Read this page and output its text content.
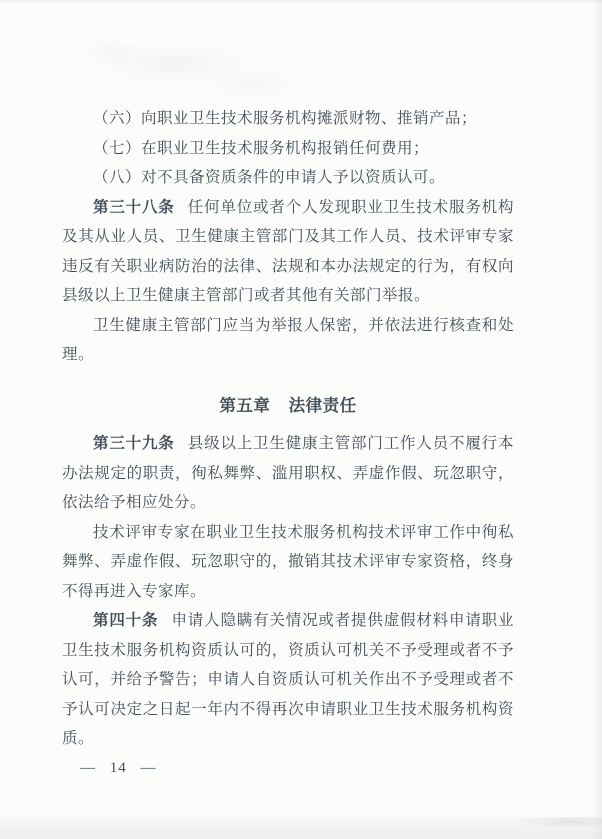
（六）向职业卫生技术服务机构摊派财物、推销产品；

（七）在职业卫生技术服务机构报销任何费用；

（八）对不具备资质条件的申请人予以资质认可。

第三十八条 任何单位或者个人发现职业卫生技术服务机构及其从业人员、卫生健康主管部门及其工作人员、技术评审专家违反有关职业病防治的法律、法规和本办法规定的行为，有权向县级以上卫生健康主管部门或者其他有关部门举报。

卫生健康主管部门应当为举报人保密，并依法进行核查和处理。

第五章 法律责任

第三十九条 县级以上卫生健康主管部门工作人员不履行本办法规定的职责，徇私舞弊、滥用职权、弄虚作假、玩忽职守，依法给予相应处分。

技术评审专家在职业卫生技术服务机构技术评审工作中徇私舞弊、弄虚作假、玩忽职守的，撤销其技术评审专家资格，终身不得再进入专家库。

第四十条 申请人隐瞒有关情况或者提供虚假材料申请职业卫生技术服务机构资质认可的，资质认可机关不予受理或者不予认可，并给予警告；申请人自资质认可机关作出不予受理或者不予认可决定之日起一年内不得再次申请职业卫生技术服务机构资质。

— 14 —
